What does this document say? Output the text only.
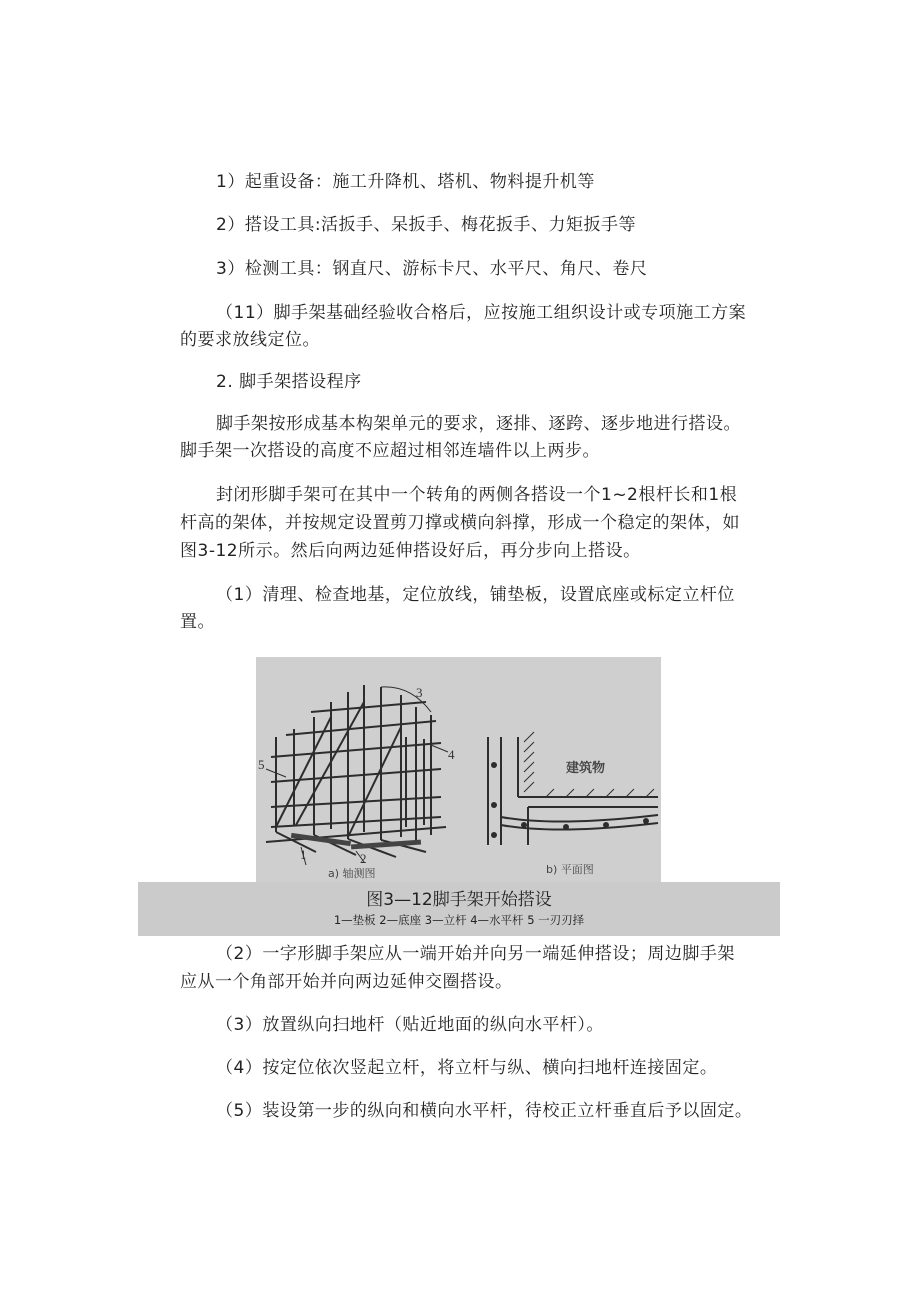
1）起重设备：施工升降机、塔机、物料提升机等
2）搭设工具:活扳手、呆扳手、梅花扳手、力矩扳手等
3）检测工具：钢直尺、游标卡尺、水平尺、角尺、卷尺
（11）脚手架基础经验收合格后，应按施工组织设计或专项施工方案
的要求放线定位。
2. 脚手架搭设程序
脚手架按形成基本构架单元的要求，逐排、逐跨、逐步地进行搭设。
脚手架一次搭设的高度不应超过相邻连墙件以上两步。
封闭形脚手架可在其中一个转角的两侧各搭设一个1~2根杆长和1根
杆高的架体，并按规定设置剪刀撑或横向斜撑，形成一个稳定的架体，如
图3-12所示。然后向两边延伸搭设好后，再分步向上搭设。
（1）清理、检查地基，定位放线，铺垫板，设置底座或标定立杆位
置。
3
4
5
1	2
a) 轴测图	b) 平面图
建筑物
图3—12脚手架开始搭设
1—垫板 2—底座 3—立杆 4—水平杆 5 一刃刃择
（2）一字形脚手架应从一端开始并向另一端延伸搭设；周边脚手架
应从一个角部开始并向两边延伸交圈搭设。
（3）放置纵向扫地杆（贴近地面的纵向水平杆）。
（4）按定位依次竖起立杆，将立杆与纵、横向扫地杆连接固定。
（5）装设第一步的纵向和横向水平杆，待校正立杆垂直后予以固定。
